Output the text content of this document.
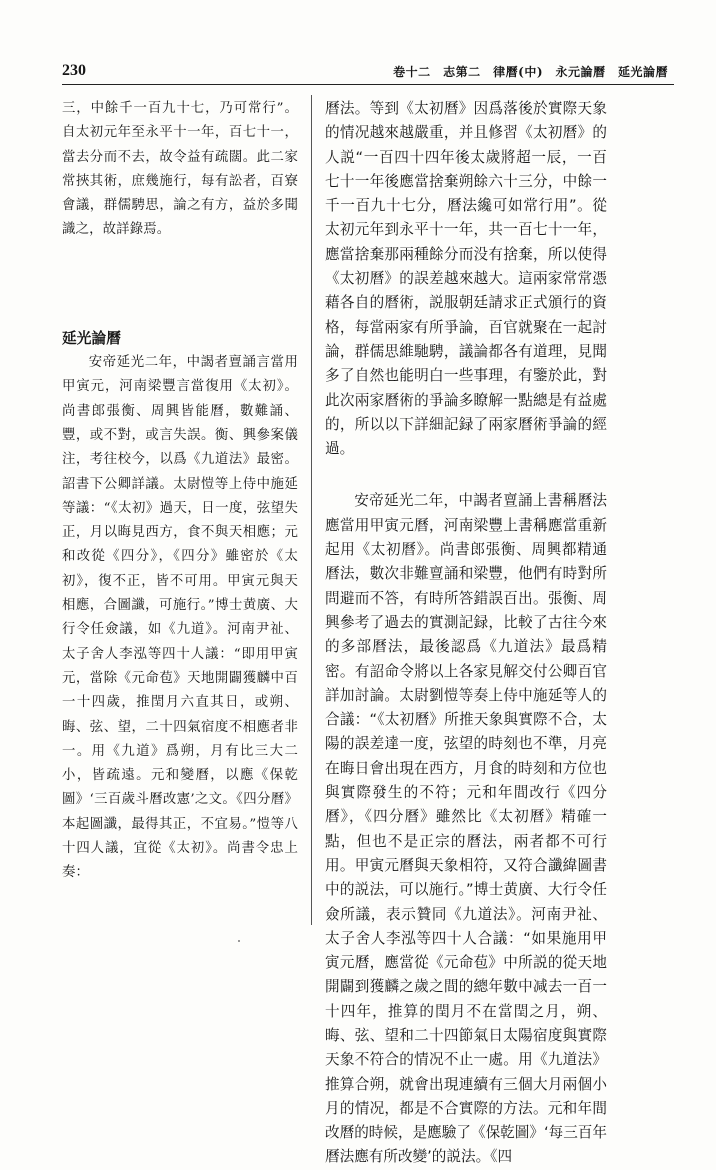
230	卷十二　志第二　律曆(中)　永元論曆　延光論曆

三，中餘千一百九十七，乃可常行”。自太初元年至永平十一年，百七十一，當去分而不去，故令益有疏闊。此二家常挾其術，庶幾施行，每有訟者，百寮會議，群儒騁思，論之有方，益於多聞識之，故詳錄焉。

延光論曆

安帝延光二年，中謁者亶誦言當用甲寅元，河南梁豐言當復用《太初》。尚書郎張衡、周興皆能曆，數難誦、豐，或不對，或言失誤。衡、興參案儀注，考往校今，以爲《九道法》最密。詔書下公卿詳議。太尉愷等上侍中施延等議：“《太初》過天，日一度，弦望失正，月以晦見西方，食不與天相應；元和改從《四分》，《四分》雖密於《太初》，復不正，皆不可用。甲寅元與天相應，合圖讖，可施行。”博士黄廣、大行令任僉議，如《九道》。河南尹祉、太子舍人李泓等四十人議：“即用甲寅元，當除《元命苞》天地開闢獲麟中百一十四歲，推閏月六直其日，或朔、晦、弦、望，二十四氣宿度不相應者非一。用《九道》爲朔，月有比三大二小，皆疏遠。元和變曆，以應《保乾圖》‘三百歲斗曆改憲’之文。《四分曆》本起圖讖，最得其正，不宜易。”愷等八十四人議，宜從《太初》。尚書令忠上奏：

曆法。等到《太初曆》因爲落後於實際天象的情况越來越嚴重，并且修習《太初曆》的人説“一百四十四年後太歲將超一辰，一百七十一年後應當捨棄朔餘六十三分，中餘一千一百九十七分，曆法纔可如常行用”。從太初元年到永平十一年，共一百七十一年，應當捨棄那兩種餘分而没有捨棄，所以使得《太初曆》的誤差越來越大。這兩家常常憑藉各自的曆術，説服朝廷請求正式頒行的資格，每當兩家有所爭論，百官就聚在一起討論，群儒思維馳騁，議論都各有道理，見聞多了自然也能明白一些事理，有鑒於此，對此次兩家曆術的爭論多瞭解一點總是有益處的，所以以下詳細記録了兩家曆術爭論的經過。

安帝延光二年，中謁者亶誦上書稱曆法應當用甲寅元曆，河南梁豐上書稱應當重新起用《太初曆》。尚書郎張衡、周興都精通曆法，數次非難亶誦和梁豐，他們有時對所問避而不答，有時所答錯誤百出。張衡、周興參考了過去的實測記録，比較了古往今來的多部曆法，最後認爲《九道法》最爲精密。有詔命令將以上各家見解交付公卿百官詳加討論。太尉劉愷等奏上侍中施延等人的合議：“《太初曆》所推天象與實際不合，太陽的誤差達一度，弦望的時刻也不準，月亮在晦日會出現在西方，月食的時刻和方位也與實際發生的不符；元和年間改行《四分曆》，《四分曆》雖然比《太初曆》精確一點，但也不是正宗的曆法，兩者都不可行用。甲寅元曆與天象相符，又符合讖緯圖書中的説法，可以施行。”博士黄廣、大行令任僉所議，表示贊同《九道法》。河南尹祉、太子舍人李泓等四十人合議：“如果施用甲寅元曆，應當從《元命苞》中所説的從天地開闢到獲麟之歲之間的總年數中减去一百一十四年，推算的閏月不在當閏之月，朔、晦、弦、望和二十四節氣日太陽宿度與實際天象不符合的情况不止一處。用《九道法》推算合朔，就會出現連續有三個大月兩個小月的情况，都是不合實際的方法。元和年間改曆的時候，是應驗了《保乾圖》‘每三百年曆法應有所改變’的説法。《四
